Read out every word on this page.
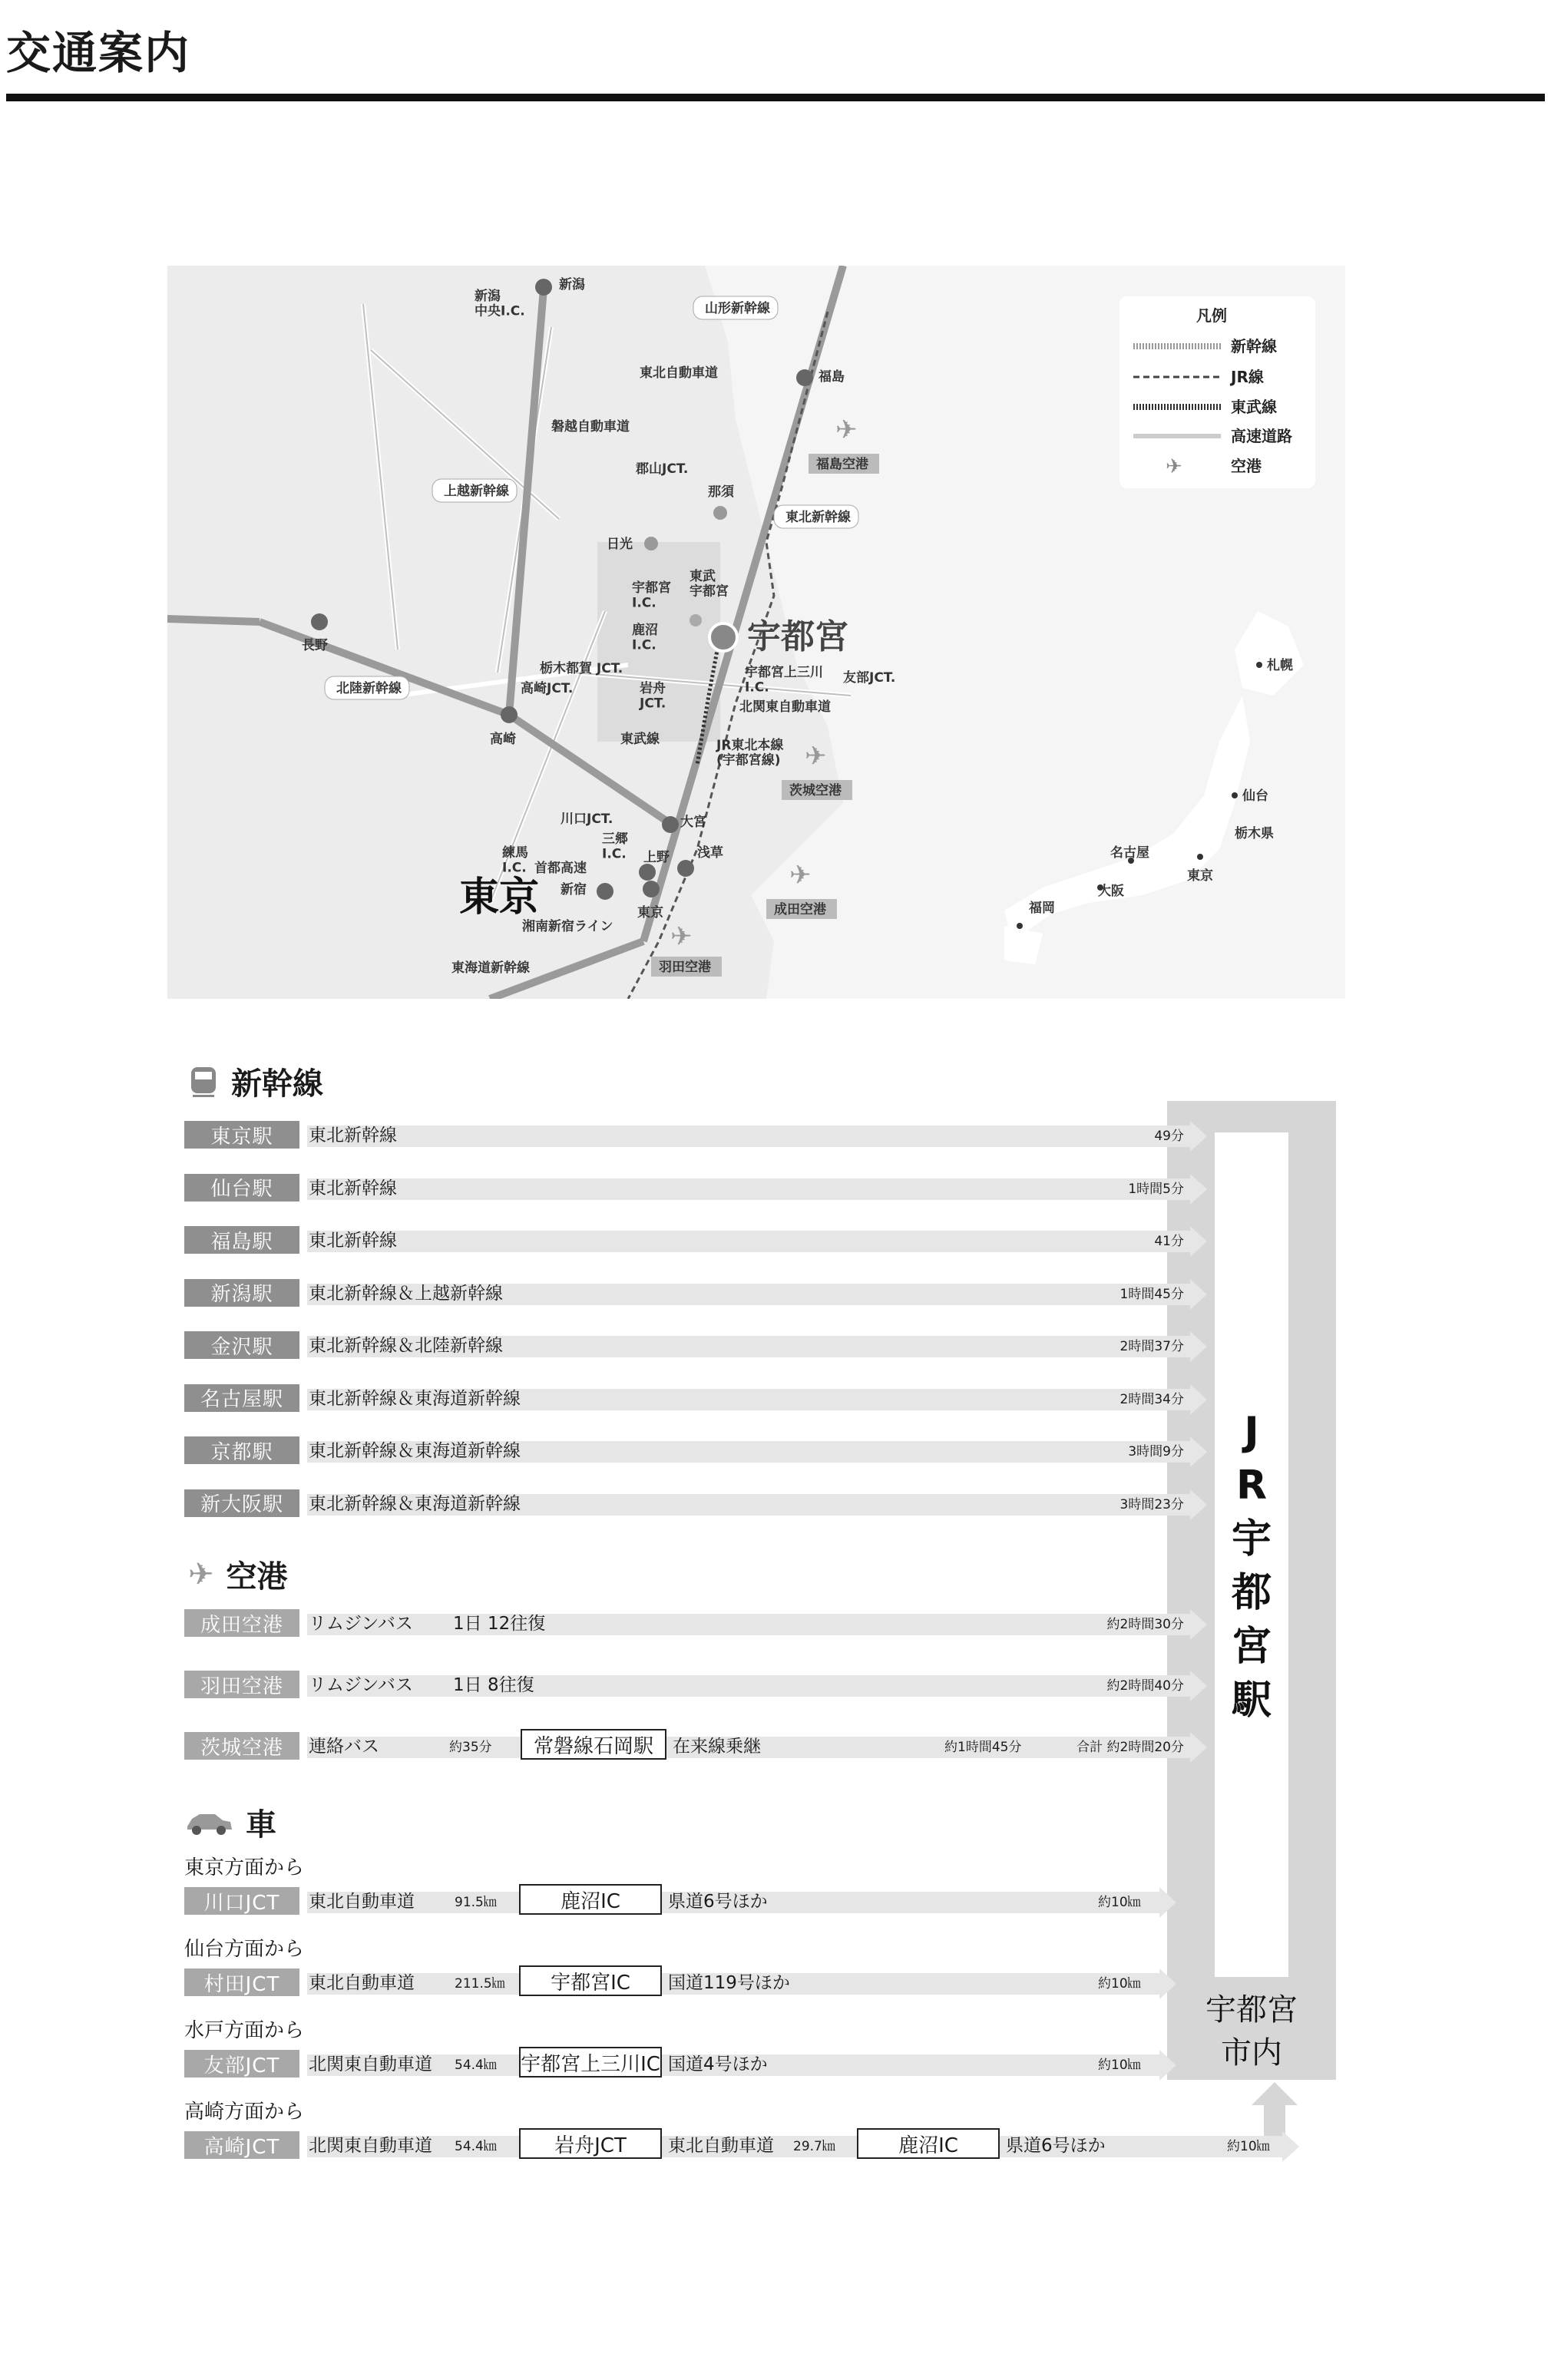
交通案内
新潟
福島
長野
高崎
大宮
上野 浅草
新宿
東京
日光
那須
宇都宮
東京
東武宇都宮
新潟中央I.C.
東北自動車道
磐越自動車道
郡山JCT.
栃木都賀 JCT.
高崎JCT.	岩舟 JCT.	北関東自動車道
川口JCT.
三郷 I.C.
練馬 I.C. 首都高速
宇都宮 I.C.
鹿沼 I.C.
宇都宮上三川 I.C.
友部JCT.
山形新幹線
上越新幹線
東北新幹線
北陸新幹線
東武線	JR東北本線(宇都宮線)
湘南新宿ライン
東海道新幹線
✈
福島空港
✈
茨城空港
✈
成田空港
✈
羽田空港
凡例
新幹線
JR線
東武線
高速道路
✈	空港
札幌
仙台
栃木県
名古屋
東京
大阪
福岡
J
R
宇
都
宮
駅
宇都宮
市内
新幹線
東京駅	東北新幹線	49分
仙台駅	東北新幹線	1時間5分
福島駅	東北新幹線	41分
新潟駅	東北新幹線＆上越新幹線	1時間45分
金沢駅	東北新幹線＆北陸新幹線	2時間37分
名古屋駅	東北新幹線＆東海道新幹線	2時間34分
京都駅	東北新幹線＆東海道新幹線	3時間9分
新大阪駅	東北新幹線＆東海道新幹線	3時間23分
✈ 空港
成田空港	リムジンバス 1日 12往復	約2時間30分
羽田空港	リムジンバス 1日 8往復	約2時間40分
茨城空港	連絡バス	約35分	常磐線石岡駅	在来線乗継	約1時間45分	合計 約2時間20分
車
東京方面から
川口JCT	東北自動車道	91.5㎞	鹿沼IC	県道6号ほか	約10㎞
仙台方面から
村田JCT	東北自動車道	211.5㎞	宇都宮IC	国道119号ほか	約10㎞
水戸方面から
友部JCT	北関東自動車道 54.4㎞ 宇都宮上三川IC 国道4号ほか	約10㎞
高崎方面から
高崎JCT	北関東自動車道 54.4㎞	岩舟JCT	東北自動車道 29.7㎞	鹿沼IC	県道6号ほか	約10㎞
